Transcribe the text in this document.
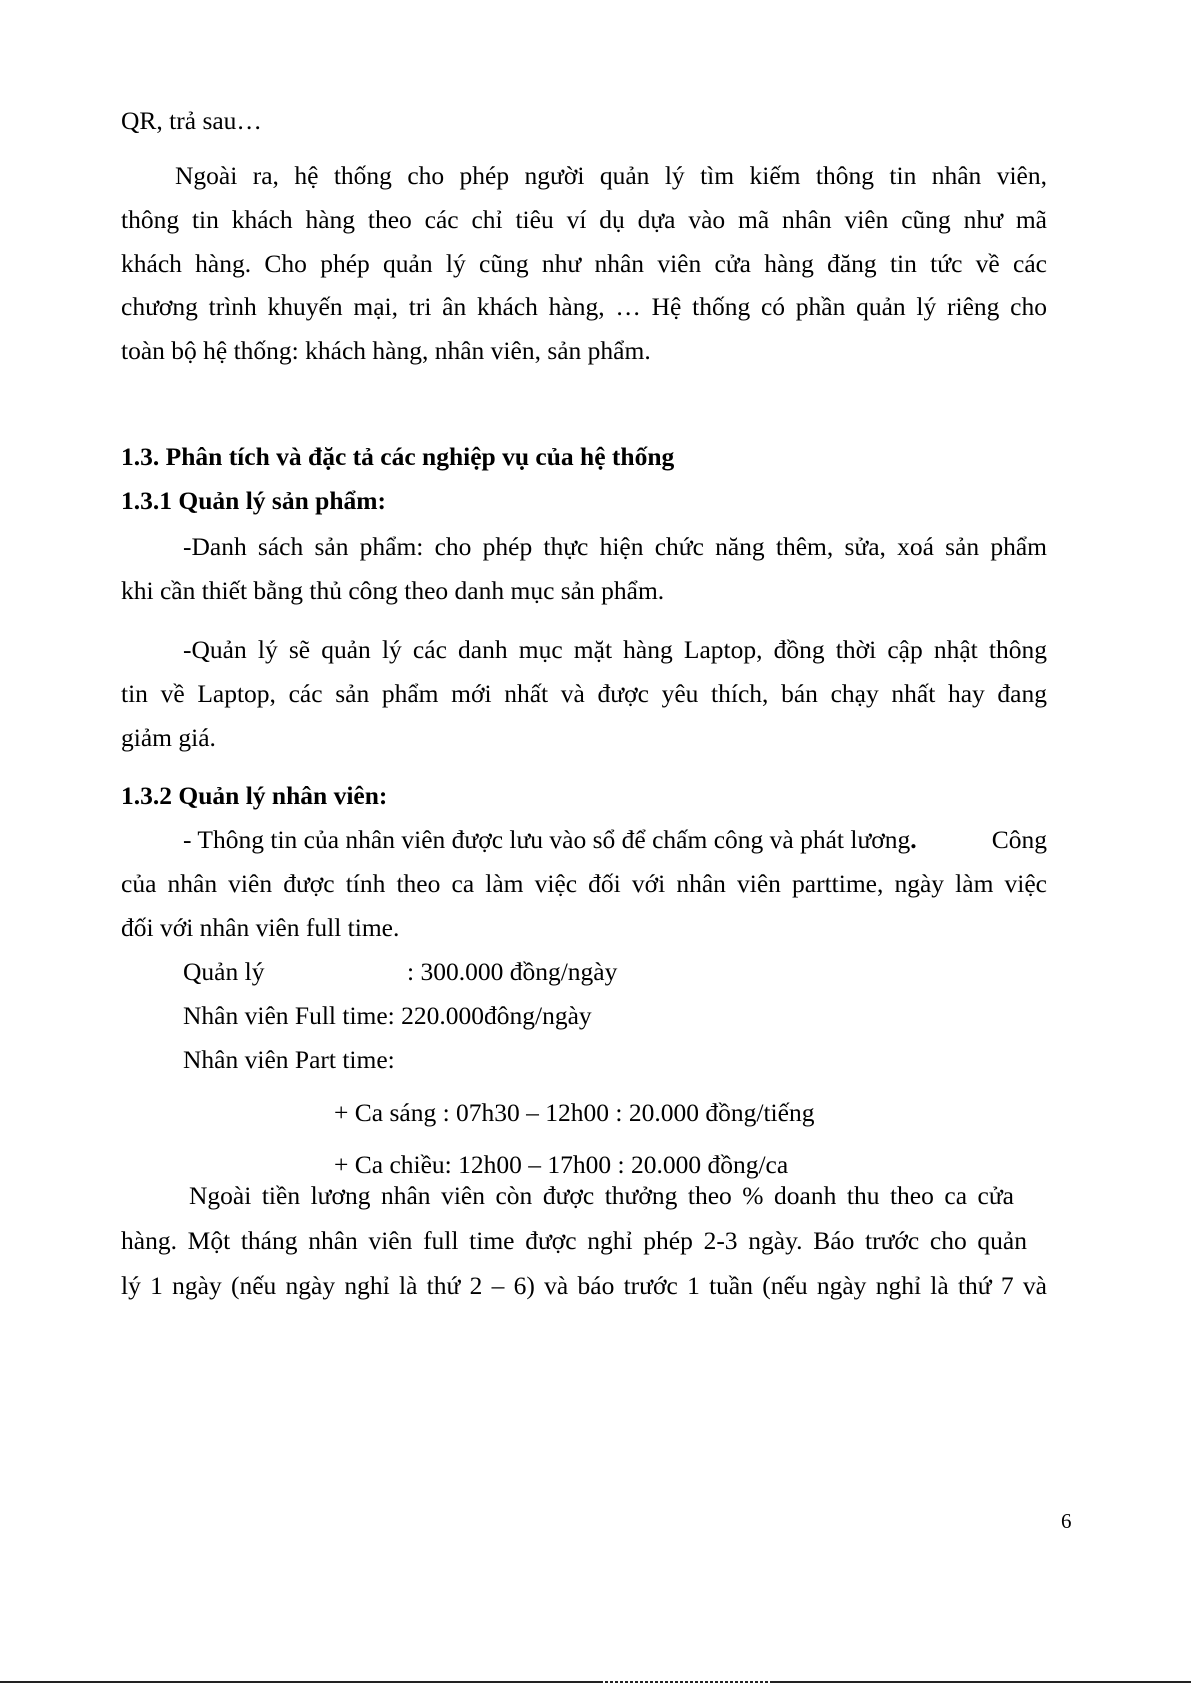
QR, trả sau…
Ngoài ra, hệ thống cho phép người quản lý tìm kiếm thông tin nhân viên,
thông tin khách hàng theo các chỉ tiêu ví dụ dựa vào mã nhân viên cũng như mã
khách hàng. Cho phép quản lý cũng như nhân viên cửa hàng đăng tin tức về các
chương trình khuyến mại, tri ân khách hàng, … Hệ thống có phần quản lý riêng cho
toàn bộ hệ thống: khách hàng, nhân viên, sản phẩm.
1.3. Phân tích và đặc tả các nghiệp vụ của hệ thống
1.3.1 Quản lý sản phẩm:
-Danh sách sản phẩm: cho phép thực hiện chức năng thêm, sửa, xoá sản phẩm
khi cần thiết bằng thủ công theo danh mục sản phẩm.
-Quản lý sẽ quản lý các danh mục mặt hàng Laptop, đồng thời cập nhật thông
tin về Laptop, các sản phẩm mới nhất và được yêu thích, bán chạy nhất hay đang
giảm giá.
1.3.2 Quản lý nhân viên:
- Thông tin của nhân viên được lưu vào sổ để chấm công và phát lương.	Công
của nhân viên được tính theo ca làm việc đối với nhân viên parttime, ngày làm việc
đối với nhân viên full time.
Quản lý	: 300.000 đồng/ngày
Nhân viên Full time: 220.000đông/ngày
Nhân viên Part time:
+ Ca sáng : 07h30 – 12h00 : 20.000 đồng/tiếng
+ Ca chiều: 12h00 – 17h00 : 20.000 đồng/ca
Ngoài tiền lương nhân viên còn được thưởng theo % doanh thu theo ca cửa
hàng. Một tháng nhân viên full time được nghỉ phép 2-3 ngày. Báo trước cho quản
lý 1 ngày (nếu ngày nghỉ là thứ 2 – 6) và báo trước 1 tuần (nếu ngày nghỉ là thứ 7 và
6
